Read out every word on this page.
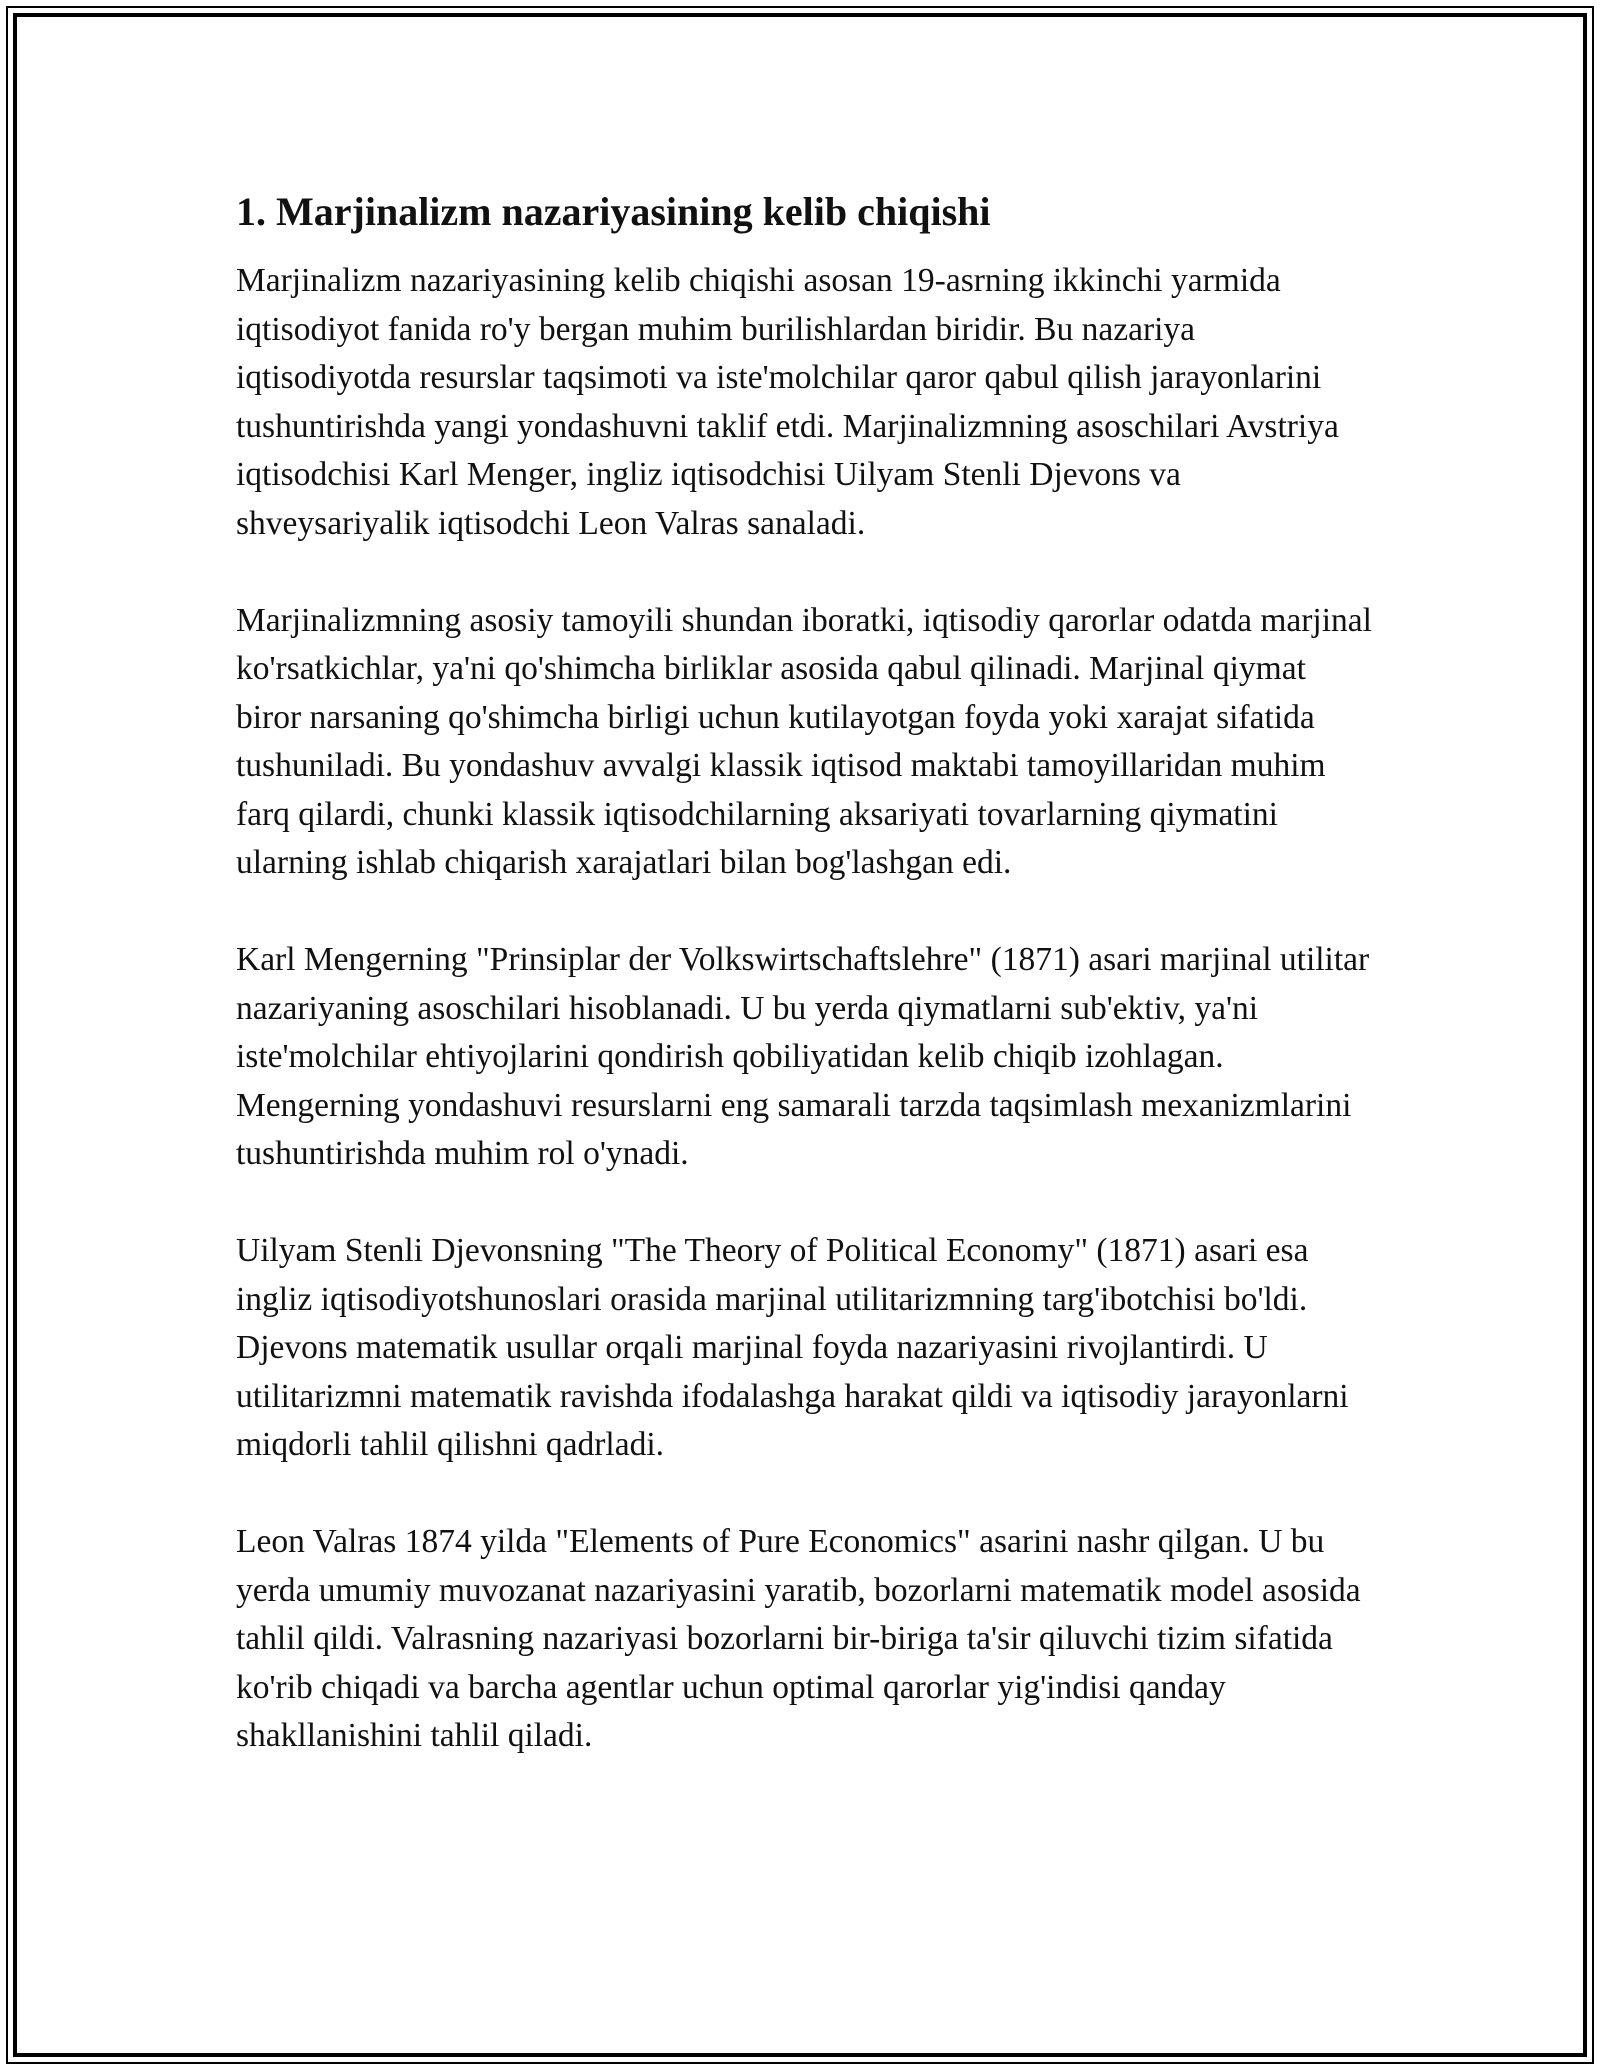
1. Marjinalizm nazariyasining kelib chiqishi

Marjinalizm nazariyasining kelib chiqishi asosan 19-asrning ikkinchi yarmida iqtisodiyot fanida ro'y bergan muhim burilishlardan biridir. Bu nazariya iqtisodiyotda resurslar taqsimoti va iste'molchilar qaror qabul qilish jarayonlarini tushuntirishda yangi yondashuvni taklif etdi. Marjinalizmning asoschilari Avstriya iqtisodchisi Karl Menger, ingliz iqtisodchisi Uilyam Stenli Djevons va shveysariyalik iqtisodchi Leon Valras sanaladi.

Marjinalizmning asosiy tamoyili shundan iboratki, iqtisodiy qarorlar odatda marjinal ko'rsatkichlar, ya'ni qo'shimcha birliklar asosida qabul qilinadi. Marjinal qiymat biror narsaning qo'shimcha birligi uchun kutilayotgan foyda yoki xarajat sifatida tushuniladi. Bu yondashuv avvalgi klassik iqtisod maktabi tamoyillaridan muhim farq qilardi, chunki klassik iqtisodchilarning aksariyati tovarlarning qiymatini ularning ishlab chiqarish xarajatlari bilan bog'lashgan edi.

Karl Mengerning "Prinsiplar der Volkswirtschaftslehre" (1871) asari marjinal utilitar nazariyaning asoschilari hisoblanadi. U bu yerda qiymatlarni sub'ektiv, ya'ni iste'molchilar ehtiyojlarini qondirish qobiliyatidan kelib chiqib izohlagan. Mengerning yondashuvi resurslarni eng samarali tarzda taqsimlash mexanizmlarini tushuntirishda muhim rol o'ynadi.

Uilyam Stenli Djevonsning "The Theory of Political Economy" (1871) asari esa ingliz iqtisodiyotshunoslari orasida marjinal utilitarizmning targ'ibotchisi bo'ldi. Djevons matematik usullar orqali marjinal foyda nazariyasini rivojlantirdi. U utilitarizmni matematik ravishda ifodalashga harakat qildi va iqtisodiy jarayonlarni miqdorli tahlil qilishni qadrladi.

Leon Valras 1874 yilda "Elements of Pure Economics" asarini nashr qilgan. U bu yerda umumiy muvozanat nazariyasini yaratib, bozorlarni matematik model asosida tahlil qildi. Valrasning nazariyasi bozorlarni bir-biriga ta'sir qiluvchi tizim sifatida ko'rib chiqadi va barcha agentlar uchun optimal qarorlar yig'indisi qanday shakllanishini tahlil qiladi.
